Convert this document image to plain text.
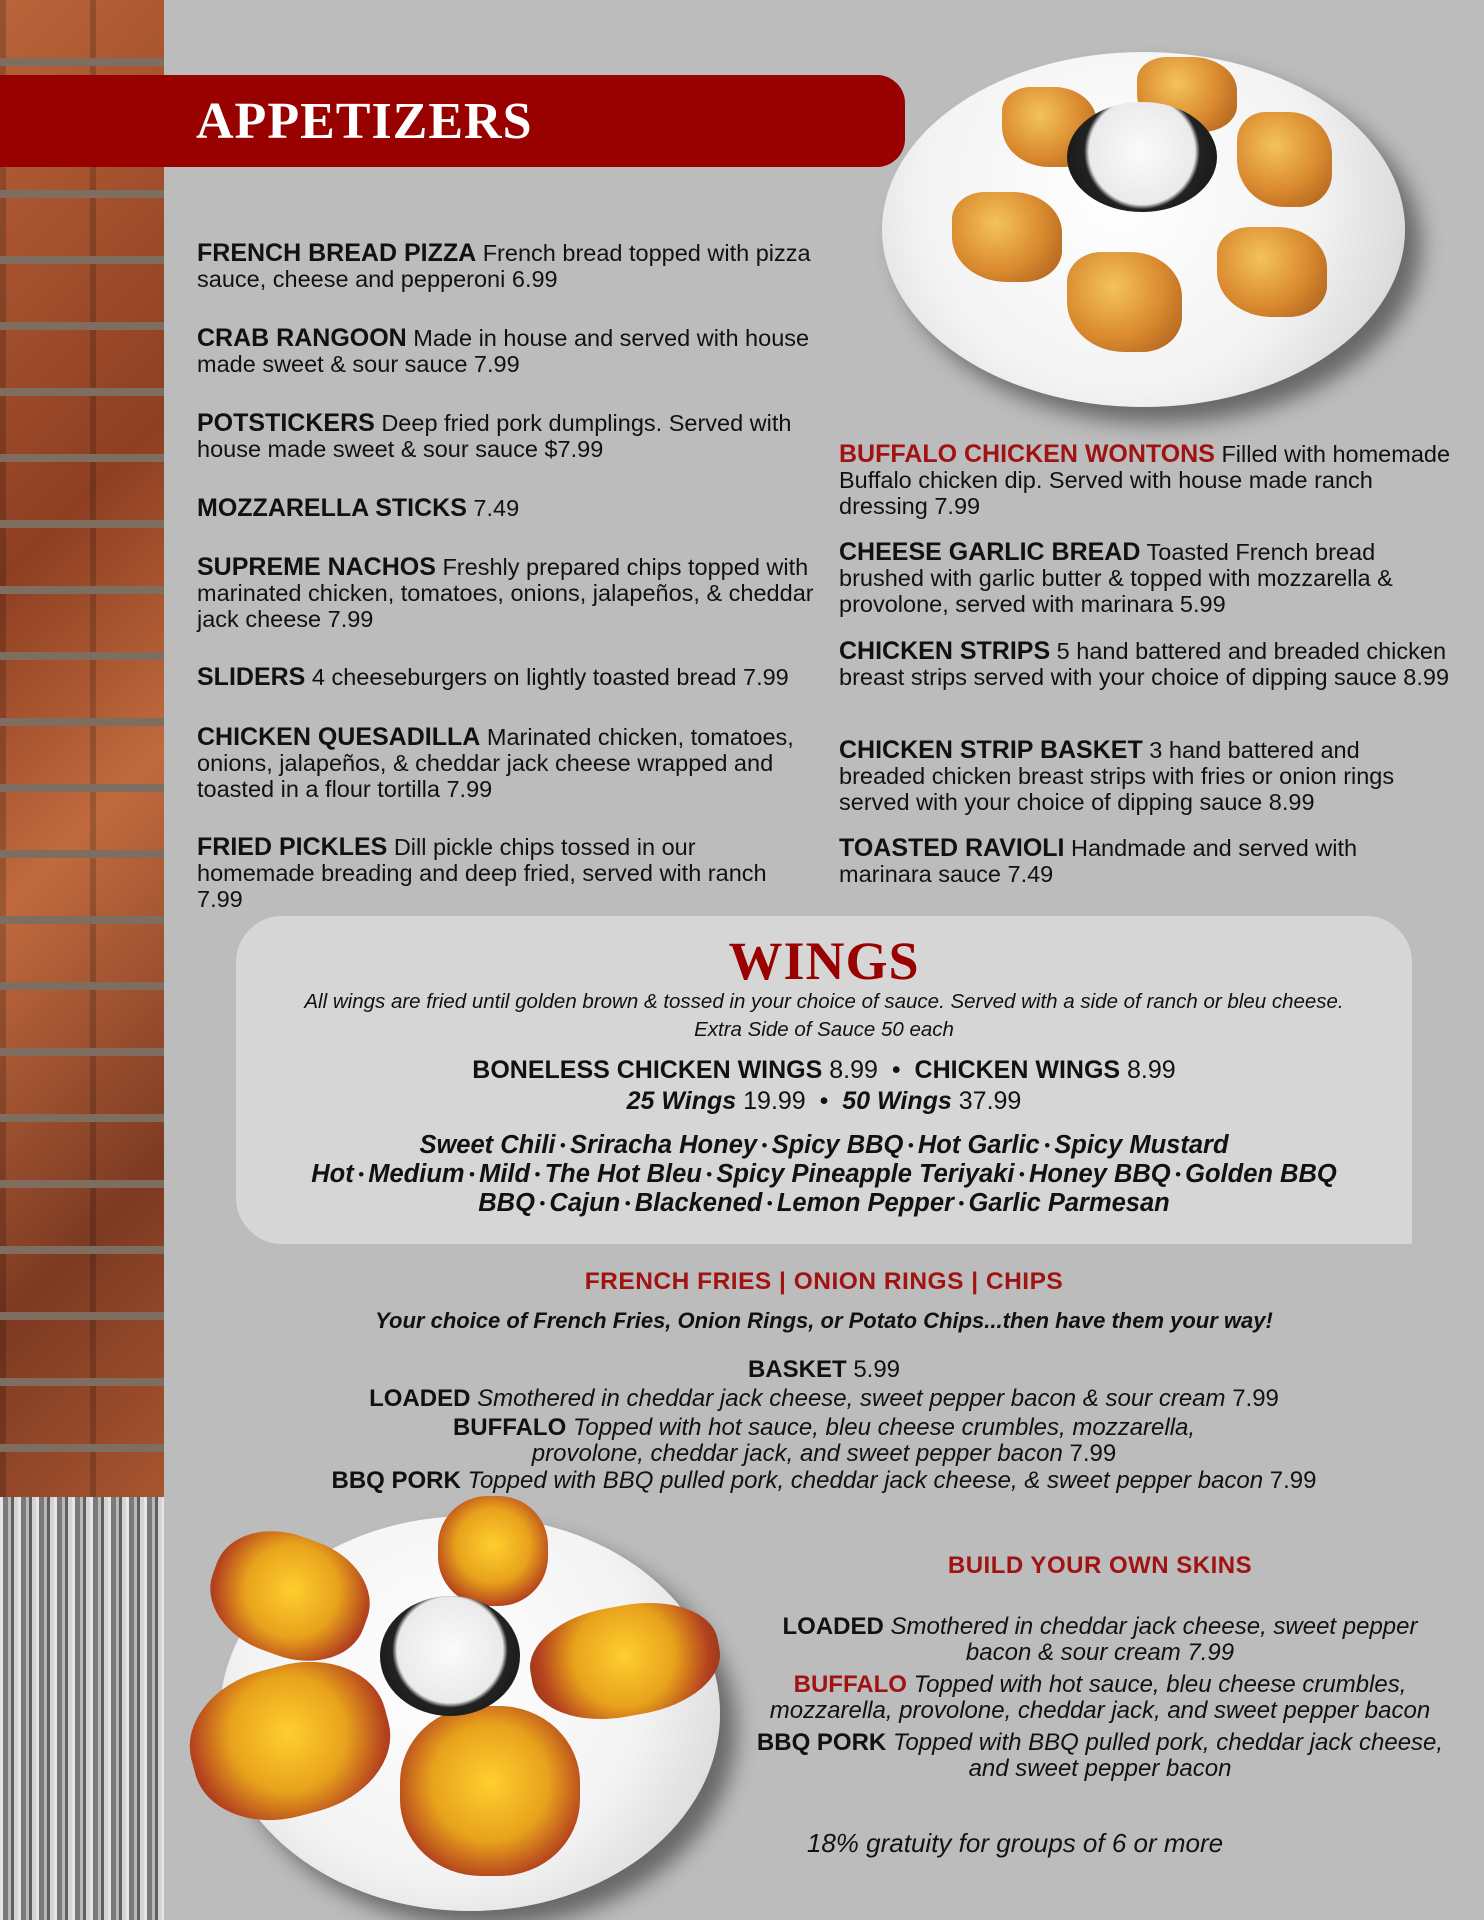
APPETIZERS
FRENCH BREAD PIZZA French bread topped with pizza sauce, cheese and pepperoni 6.99
CRAB RANGOON Made in house and served with house made sweet & sour sauce 7.99
POTSTICKERS Deep fried pork dumplings. Served with house made sweet & sour sauce $7.99
MOZZARELLA STICKS 7.49
SUPREME NACHOS Freshly prepared chips topped with marinated chicken, tomatoes, onions, jalapeños, & cheddar jack cheese 7.99
SLIDERS 4 cheeseburgers on lightly toasted bread 7.99
CHICKEN QUESADILLA Marinated chicken, tomatoes, onions, jalapeños, & cheddar jack cheese wrapped and toasted in a flour tortilla 7.99
FRIED PICKLES Dill pickle chips tossed in our homemade breading and deep fried, served with ranch 7.99
BUFFALO CHICKEN WONTONS Filled with homemade Buffalo chicken dip. Served with house made ranch dressing 7.99
CHEESE GARLIC BREAD Toasted French bread brushed with garlic butter & topped with mozzarella & provolone, served with marinara 5.99
CHICKEN STRIPS 5 hand battered and breaded chicken breast strips served with your choice of dipping sauce 8.99
CHICKEN STRIP BASKET 3 hand battered and breaded chicken breast strips with fries or onion rings served with your choice of dipping sauce 8.99
TOASTED RAVIOLI Handmade and served with marinara sauce 7.49
WINGS
All wings are fried until golden brown & tossed in your choice of sauce. Served with a side of ranch or bleu cheese.
Extra Side of Sauce 50 each
BONELESS CHICKEN WINGS 8.99 • CHICKEN WINGS 8.99
25 Wings 19.99 • 50 Wings 37.99
Sweet Chili • Sriracha Honey • Spicy BBQ • Hot Garlic • Spicy Mustard
Hot • Medium • Mild • The Hot Bleu • Spicy Pineapple Teriyaki • Honey BBQ • Golden BBQ
BBQ • Cajun • Blackened • Lemon Pepper • Garlic Parmesan
FRENCH FRIES | ONION RINGS | CHIPS
Your choice of French Fries, Onion Rings, or Potato Chips...then have them your way!
BASKET 5.99
LOADED Smothered in cheddar jack cheese, sweet pepper bacon & sour cream 7.99
BUFFALO Topped with hot sauce, bleu cheese crumbles, mozzarella,
provolone, cheddar jack, and sweet pepper bacon 7.99
BBQ PORK Topped with BBQ pulled pork, cheddar jack cheese, & sweet pepper bacon 7.99
BUILD YOUR OWN SKINS
LOADED Smothered in cheddar jack cheese, sweet pepper
bacon & sour cream 7.99
BUFFALO Topped with hot sauce, bleu cheese crumbles,
mozzarella, provolone, cheddar jack, and sweet pepper bacon
BBQ PORK Topped with BBQ pulled pork, cheddar jack cheese,
and sweet pepper bacon
18% gratuity for groups of 6 or more
